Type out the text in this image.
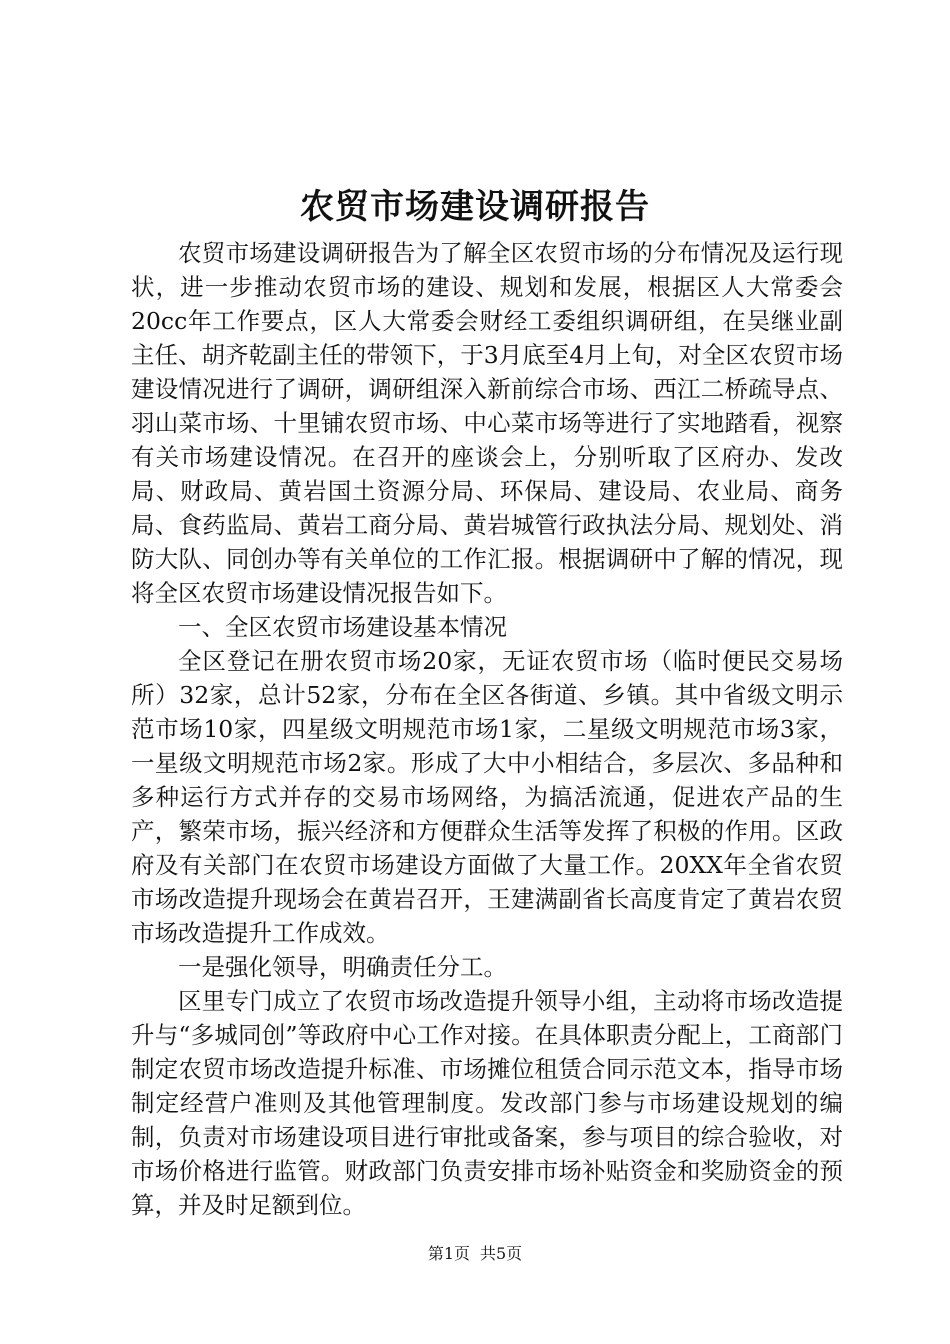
农贸市场建设调研报告

农贸市场建设调研报告为了解全区农贸市场的分布情况及运行现状，进一步推动农贸市场的建设、规划和发展，根据区人大常委会20cc年工作要点，区人大常委会财经工委组织调研组，在吴继业副主任、胡齐乾副主任的带领下，于3月底至4月上旬，对全区农贸市场建设情况进行了调研，调研组深入新前综合市场、西江二桥疏导点、羽山菜市场、十里铺农贸市场、中心菜市场等进行了实地踏看，视察有关市场建设情况。在召开的座谈会上，分别听取了区府办、发改局、财政局、黄岩国土资源分局、环保局、建设局、农业局、商务局、食药监局、黄岩工商分局、黄岩城管行政执法分局、规划处、消防大队、同创办等有关单位的工作汇报。根据调研中了解的情况，现将全区农贸市场建设情况报告如下。

一、全区农贸市场建设基本情况

全区登记在册农贸市场20家，无证农贸市场（临时便民交易场所）32家，总计52家，分布在全区各街道、乡镇。其中省级文明示范市场10家，四星级文明规范市场1家，二星级文明规范市场3家，一星级文明规范市场2家。形成了大中小相结合，多层次、多品种和多种运行方式并存的交易市场网络，为搞活流通，促进农产品的生产，繁荣市场，振兴经济和方便群众生活等发挥了积极的作用。区政府及有关部门在农贸市场建设方面做了大量工作。20XX年全省农贸市场改造提升现场会在黄岩召开，王建满副省长高度肯定了黄岩农贸市场改造提升工作成效。

一是强化领导，明确责任分工。

区里专门成立了农贸市场改造提升领导小组，主动将市场改造提升与“多城同创”等政府中心工作对接。在具体职责分配上，工商部门制定农贸市场改造提升标准、市场摊位租赁合同示范文本，指导市场制定经营户准则及其他管理制度。发改部门参与市场建设规划的编制，负责对市场建设项目进行审批或备案，参与项目的综合验收，对市场价格进行监管。财政部门负责安排市场补贴资金和奖励资金的预算，并及时足额到位。

第1页 共5页
